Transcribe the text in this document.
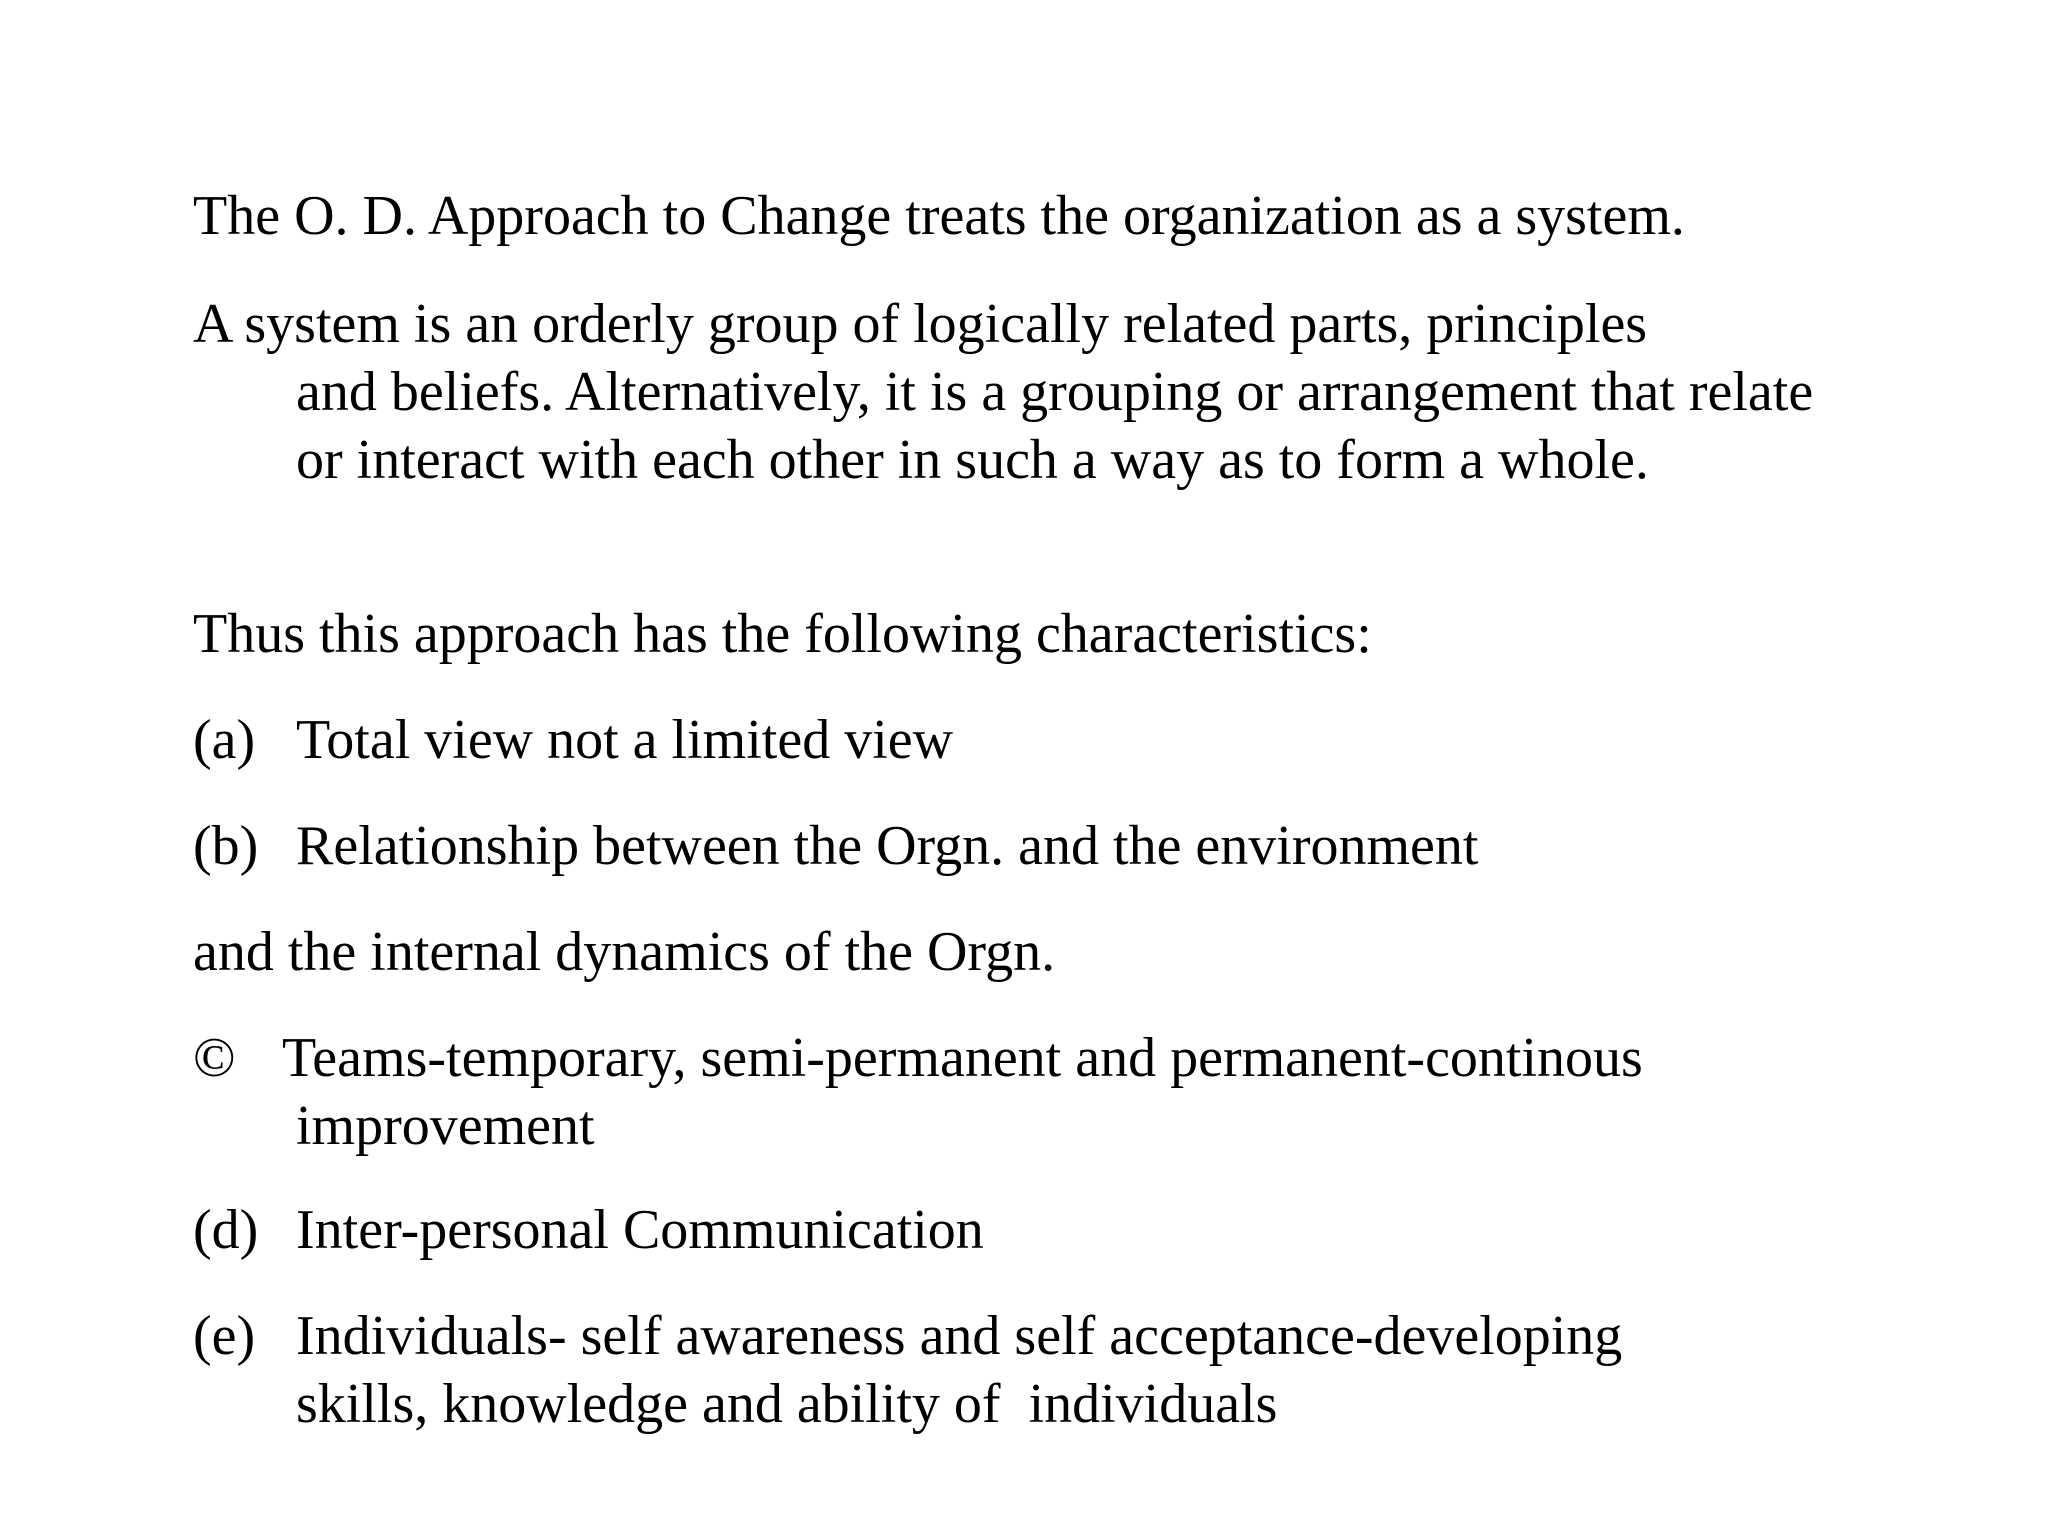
The O. D. Approach to Change treats the organization as a system.
A system is an orderly group of logically related parts, principles
and beliefs. Alternatively, it is a grouping or arrangement that relate or interact with each other in such a way as to form a whole.
Thus this approach has the following characteristics:
(a) Total view not a limited view
(b) Relationship between the Orgn. and the environment
and the internal dynamics of the Orgn.
© Teams-temporary, semi-permanent and permanent-continous
improvement
(d) Inter-personal Communication
(e) Individuals- self awareness and self acceptance-developing
skills, knowledge and ability of  individuals
